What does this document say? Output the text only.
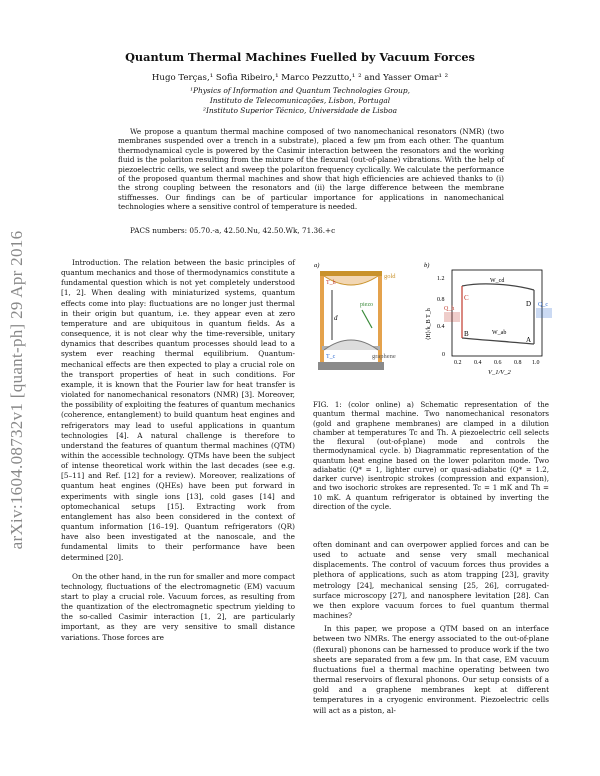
arXiv:1604.08732v1 [quant-ph] 29 Apr 2016
Quantum Thermal Machines Fuelled by Vacuum Forces
Hugo Terças,¹ Sofia Ribeiro,¹ Marco Pezzutto,¹ ² and Yasser Omar¹ ²
¹Physics of Information and Quantum Technologies Group,
Instituto de Telecomunicações, Lisbon, Portugal
²Instituto Superior Técnico, Universidade de Lisboa

We propose a quantum thermal machine composed of two nanomechanical resonators (NMR) (two membranes suspended over a trench in a substrate), placed a few μm from each other. The quantum thermodynamical cycle is powered by the Casimir interaction between the resonators and the working fluid is the polariton resulting from the mixture of the flexural (out-of-plane) vibrations. With the help of piezoelectric cells, we select and sweep the polariton frequency cyclically. We calculate the performance of the proposed quantum thermal machines and show that high efficiencies are achieved thanks to (i) the strong coupling between the resonators and (ii) the large difference between the membrane stiffnesses. Our findings can be of particular importance for applications in nanomechanical technologies where a sensitive control of temperature is needed.

PACS numbers: 05.70.-a, 42.50.Nu, 42.50.Wk, 71.36.+c

Introduction. The relation between the basic principles of quantum mechanics and those of thermodynamics constitute a fundamental question which is not yet completely understood [1, 2]. When dealing with miniaturized systems, quantum effects come into play: fluctuations are no longer just thermal in their origin but quantum, i.e. they appear even at zero temperature and are ubiquitous in quantum fields. As a consequence, it is not clear why the time-reversible, unitary dynamics that describes quantum processes should lead to a system ever reaching thermal equilibrium. Quantum-mechanical effects are then expected to play a crucial role on the transport properties of heat in such conditions. For example, it is known that the Fourier law for heat transfer is violated for nanomechanical resonators (NMR) [3]. Moreover, the possibility of exploiting the features of quantum mechanics (coherence, entanglement) to build quantum heat engines and refrigerators may lead to useful applications in quantum technologies [4]. A natural challenge is therefore to understand the features of quantum thermal machines (QTM) within the accessible technology. QTMs have been the subject of intense theoretical work within the last decades (see e.g. [5–11] and Ref. [12] for a review). Moreover, realizations of quantum heat engines (QHEs) have been put forward in experiments with single ions [13], cold gases [14] and optomechanical setups [15]. Extracting work from entanglement has also been considered in the context of quantum information [16–19]. Quantum refrigerators (QR) have also been investigated at the nanoscale, and the fundamental limits to their performance have been determined [20].

On the other hand, in the run for smaller and more compact technology, fluctuations of the electromagnetic (EM) vacuum start to play a crucial role. Vacuum forces, as resulting from the quantization of the electromagnetic spectrum yielding to the so-called Casimir interaction [1, 2], are particularly important, as they are very sensitive to small distance variations. Those forces are

a)
d
gold
graphene
piezo
T_h
T_c
b)
1.2
0.8
0.4
0
⟨H⟩/k_B T_h
0.2 0.4 0.6 0.8 1.0
V_1/V_2
C
B
D
A
W_cd
W_ab
Q_c
Q_h

FIG. 1: (color online) a) Schematic representation of the quantum thermal machine. Two nanomechanical resonators (gold and graphene membranes) are clamped in a dilution chamber at temperatures Tc and Th. A piezoelectric cell selects the flexural (out-of-plane) mode and controls the thermodynamical cycle. b) Diagrammatic representation of the quantum heat engine based on the lower polariton mode. Two adiabatic (Q* = 1, lighter curve) or quasi-adiabatic (Q* = 1.2, darker curve) isentropic strokes (compression and expansion), and two isochoric strokes are represented. Tc = 1 mK and Th = 10 mK. A quantum refrigerator is obtained by inverting the direction of the cycle.

often dominant and can overpower applied forces and can be used to actuate and sense very small mechanical displacements. The control of vacuum forces thus provides a plethora of applications, such as atom trapping [23], gravity metrology [24], mechanical sensing [25, 26], corrugated-surface microscopy [27], and nanosphere levitation [28]. Can we then explore vacuum forces to fuel quantum thermal machines?

In this paper, we propose a QTM based on an interface between two NMRs. The energy associated to the out-of-plane (flexural) phonons can be harnessed to produce work if the two sheets are separated from a few μm. In that case, EM vacuum fluctuations fuel a thermal machine operating between two thermal reservoirs of flexural phonons. Our setup consists of a gold and a graphene membranes kept at different temperatures in a cryogenic environment. Piezoelectric cells will act as a piston, al-
